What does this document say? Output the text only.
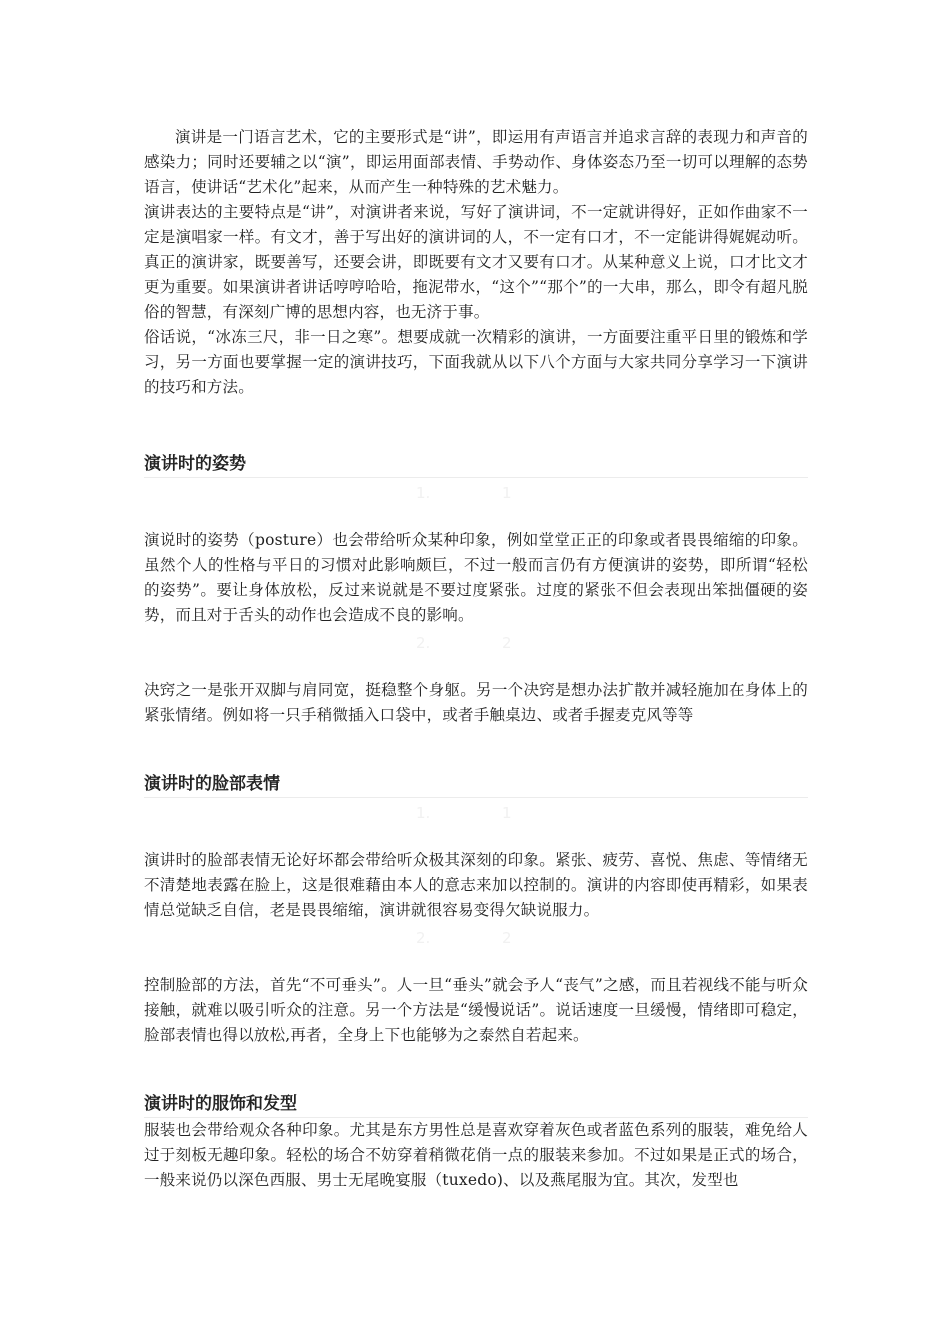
演讲是一门语言艺术，它的主要形式是“讲”，即运用有声语言并追求言辞的表现力和声音的感染力；同时还要辅之以“演”，即运用面部表情、手势动作、身体姿态乃至一切可以理解的态势语言，使讲话“艺术化”起来，从而产生一种特殊的艺术魅力。

演讲表达的主要特点是“讲”，对演讲者来说，写好了演讲词，不一定就讲得好，正如作曲家不一定是演唱家一样。有文才，善于写出好的演讲词的人，不一定有口才，不一定能讲得娓娓动听。真正的演讲家，既要善写，还要会讲，即既要有文才又要有口才。从某种意义上说，口才比文才更为重要。如果演讲者讲话哼哼哈哈，拖泥带水，“这个”“那个”的一大串，那么，即令有超凡脱俗的智慧，有深刻广博的思想内容，也无济于事。

俗话说，“冰冻三尺，非一日之寒”。想要成就一次精彩的演讲，一方面要注重平日里的锻炼和学习，另一方面也要掌握一定的演讲技巧，下面我就从以下八个方面与大家共同分享学习一下演讲的技巧和方法。

演讲时的姿势
1.	1

演说时的姿势（posture）也会带给听众某种印象，例如堂堂正正的印象或者畏畏缩缩的印象。虽然个人的性格与平日的习惯对此影响颇巨，不过一般而言仍有方便演讲的姿势，即所谓“轻松的姿势”。要让身体放松，反过来说就是不要过度紧张。过度的紧张不但会表现出笨拙僵硬的姿势，而且对于舌头的动作也会造成不良的影响。

2.	2

决窍之一是张开双脚与肩同宽，挺稳整个身躯。另一个决窍是想办法扩散并减轻施加在身体上的紧张情绪。例如将一只手稍微插入口袋中，或者手触桌边、或者手握麦克风等等

演讲时的脸部表情
1.	1

演讲时的脸部表情无论好坏都会带给听众极其深刻的印象。紧张、疲劳、喜悦、焦虑、等情绪无不清楚地表露在脸上，这是很难藉由本人的意志来加以控制的。演讲的内容即使再精彩，如果表情总觉缺乏自信，老是畏畏缩缩，演讲就很容易变得欠缺说服力。

2.	2

控制脸部的方法，首先“不可垂头”。人一旦“垂头”就会予人“丧气”之感，而且若视线不能与听众接触，就难以吸引听众的注意。另一个方法是“缓慢说话”。说话速度一旦缓慢，情绪即可稳定，脸部表情也得以放松,再者，全身上下也能够为之泰然自若起来。

演讲时的服饰和发型

服装也会带给观众各种印象。尤其是东方男性总是喜欢穿着灰色或者蓝色系列的服装，难免给人过于刻板无趣印象。轻松的场合不妨穿着稍微花俏一点的服装来参加。不过如果是正式的场合，一般来说仍以深色西服、男士无尾晚宴服（tuxedo)、以及燕尾服为宜。其次，发型也
